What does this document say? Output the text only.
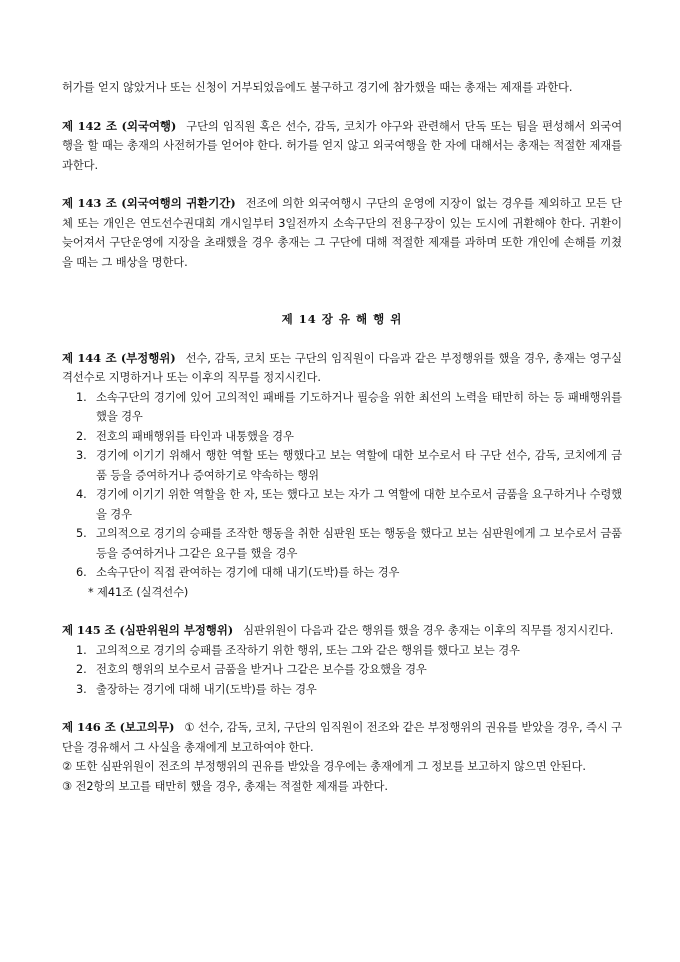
허가를 얻지 않았거나 또는 신청이 거부되었음에도 불구하고 경기에 참가했을 때는 총재는 제재를 과한다.

제 142 조 (외국여행) 구단의 임직원 혹은 선수, 감독, 코치가 야구와 관련해서 단독 또는 팀을 편성해서 외국여행을 할 때는 총재의 사전허가를 얻어야 한다. 허가를 얻지 않고 외국여행을 한 자에 대해서는 총재는 적절한 제재를 과한다.

제 143 조 (외국여행의 귀환기간) 전조에 의한 외국여행시 구단의 운영에 지장이 없는 경우를 제외하고 모든 단체 또는 개인은 연도선수권대회 개시일부터 3일전까지 소속구단의 전용구장이 있는 도시에 귀환해야 한다. 귀환이 늦어져서 구단운영에 지장을 초래했을 경우 총재는 그 구단에 대해 적절한 제재를 과하며 또한 개인에 손해를 끼쳤을 때는 그 배상을 명한다.

제 14 장 유 해 행 위

제 144 조 (부정행위) 선수, 감독, 코치 또는 구단의 임직원이 다음과 같은 부정행위를 했을 경우, 총재는 영구실격선수로 지명하거나 또는 이후의 직무를 정지시킨다.

1. 소속구단의 경기에 있어 고의적인 패배를 기도하거나 필승을 위한 최선의 노력을 태만히 하는 등 패배행위를 했을 경우
2. 전호의 패배행위를 타인과 내통했을 경우
3. 경기에 이기기 위해서 행한 역할 또는 행했다고 보는 역할에 대한 보수로서 타 구단 선수, 감독, 코치에게 금품 등을 증여하거나 증여하기로 약속하는 행위
4. 경기에 이기기 위한 역할을 한 자, 또는 했다고 보는 자가 그 역할에 대한 보수로서 금품을 요구하거나 수령했을 경우
5. 고의적으로 경기의 승패를 조작한 행동을 취한 심판원 또는 행동을 했다고 보는 심판원에게 그 보수로서 금품 등을 증여하거나 그같은 요구를 했을 경우
6. 소속구단이 직접 관여하는 경기에 대해 내기(도박)를 하는 경우

* 제41조 (실격선수)

제 145 조 (심판위원의 부정행위) 심판위원이 다음과 같은 행위를 했을 경우 총재는 이후의 직무를 정지시킨다.

1. 고의적으로 경기의 승패를 조작하기 위한 행위, 또는 그와 같은 행위를 했다고 보는 경우
2. 전호의 행위의 보수로서 금품을 받거나 그같은 보수를 강요했을 경우
3. 출장하는 경기에 대해 내기(도박)를 하는 경우

제 146 조 (보고의무) ① 선수, 감독, 코치, 구단의 임직원이 전조와 같은 부정행위의 권유를 받았을 경우, 즉시 구단을 경유해서 그 사실을 총재에게 보고하여야 한다.

② 또한 심판위원이 전조의 부정행위의 권유를 받았을 경우에는 총재에게 그 정보를 보고하지 않으면 안된다.

③ 전2항의 보고를 태만히 했을 경우, 총재는 적절한 제재를 과한다.
